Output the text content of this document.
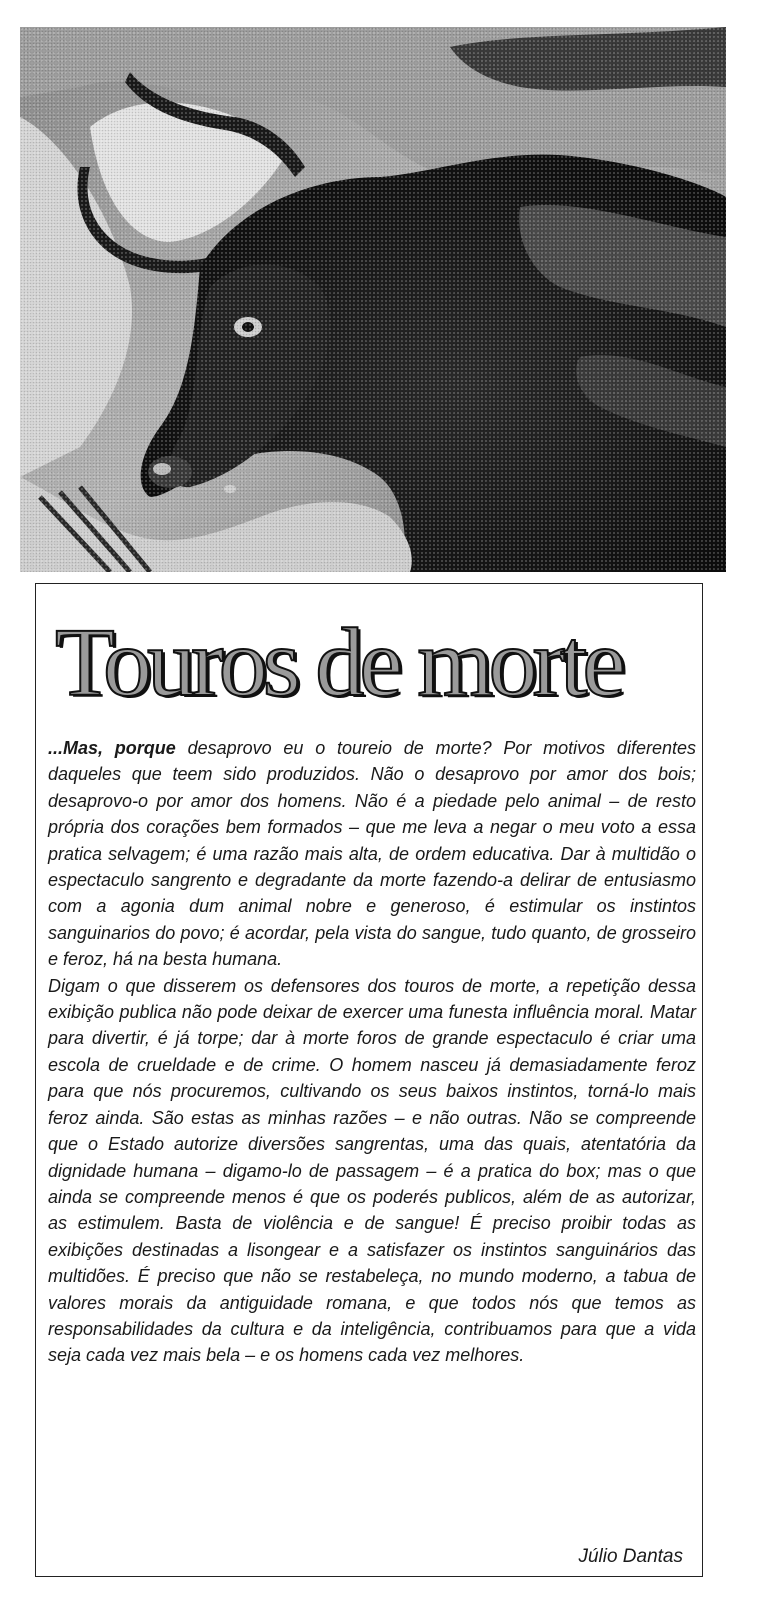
Touros de morte

...Mas, porque desaprovo eu o toureio de morte? Por motivos diferentes daqueles que teem sido produzidos. Não o desaprovo por amor dos bois; desaprovo-o por amor dos homens. Não é a piedade pelo animal – de resto própria dos corações bem formados – que me leva a negar o meu voto a essa pratica selvagem; é uma razão mais alta, de ordem educativa. Dar à multidão o espectaculo sangrento e degradante da morte fazendo-a delirar de entusiasmo com a agonia dum animal nobre e generoso, é estimular os instintos sanguinarios do povo; é acordar, pela vista do sangue, tudo quanto, de grosseiro e feroz, há na besta humana.

Digam o que disserem os defensores dos touros de morte, a repetição dessa exibição publica não pode deixar de exercer uma funesta influência moral. Matar para divertir, é já torpe; dar à morte foros de grande espectaculo é criar uma escola de crueldade e de crime. O homem nasceu já demasiadamente feroz para que nós procuremos, cultivando os seus baixos instintos, torná-lo mais feroz ainda. São estas as minhas razões – e não outras. Não se compreende que o Estado autorize diversões sangrentas, uma das quais, atentatória da dignidade humana – digamo-lo de passagem – é a pratica do box; mas o que ainda se compreende menos é que os poderés publicos, além de as autorizar, as estimulem. Basta de violência e de sangue! É preciso proibir todas as exibições destinadas a lisongear e a satisfazer os instintos sanguinários das multidões. É preciso que não se restabeleça, no mundo moderno, a tabua de valores morais da antiguidade romana, e que todos nós que temos as responsabilidades da cultura e da inteligência, contribuamos para que a vida seja cada vez mais bela – e os homens cada vez melhores.

Júlio Dantas
